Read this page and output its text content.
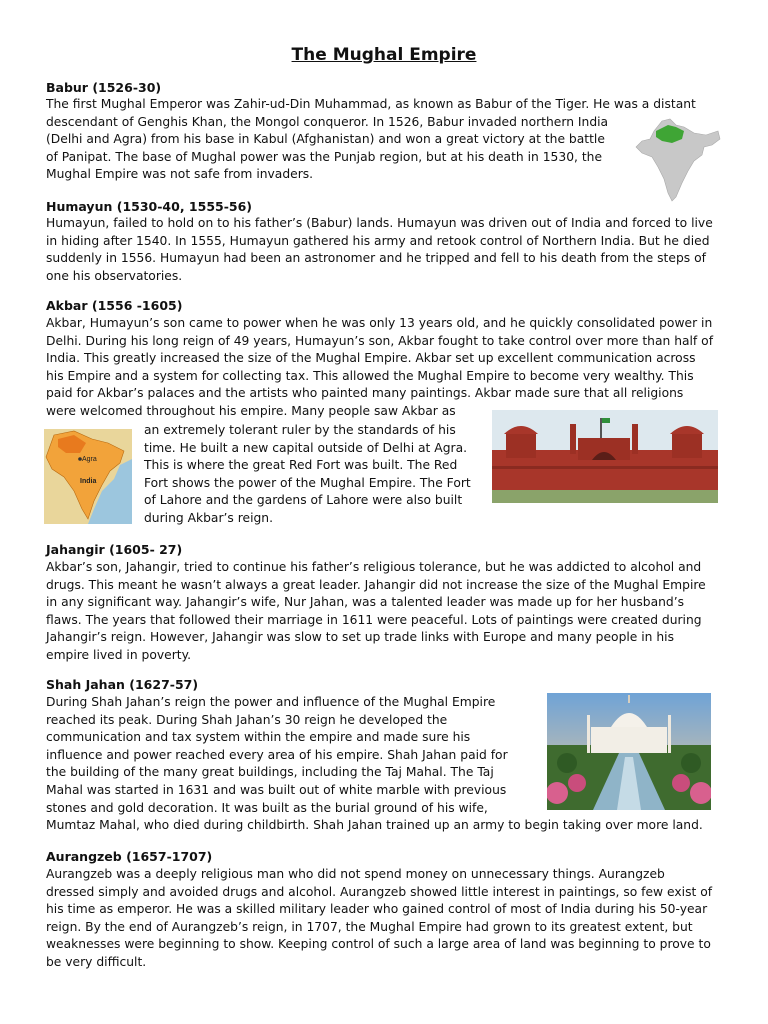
The Mughal Empire
Babur (1526-30)
The first Mughal Emperor was Zahir-ud-Din Muhammad, as known as Babur of the Tiger. He was a distant
descendant of Genghis Khan, the Mongol conqueror. In 1526, Babur invaded northern India
(Delhi and Agra) from his base in Kabul (Afghanistan) and won a great victory at the battle
of Panipat. The base of Mughal power was the Punjab region, but at his death in 1530, the
Mughal Empire was not safe from invaders.
Humayun (1530-40, 1555-56)
Humayun, failed to hold on to his father’s (Babur) lands. Humayun was driven out of India and forced to live
in hiding after 1540. In 1555, Humayun gathered his army and retook control of Northern India. But he died
suddenly in 1556. Humayun had been an astronomer and he tripped and fell to his death from the steps of
one his observatories.
Akbar (1556 -1605)
Akbar, Humayun’s son came to power when he was only 13 years old, and he quickly consolidated power in
Delhi. During his long reign of 49 years, Humayun’s son, Akbar fought to take control over more than half of
India. This greatly increased the size of the Mughal Empire. Akbar set up excellent communication across
his Empire and a system for collecting tax. This allowed the Mughal Empire to become very wealthy. This
paid for Akbar’s palaces and the artists who painted many paintings. Akbar made sure that all religions
were welcomed throughout his empire. Many people saw Akbar as
an extremely tolerant ruler by the standards of his
time. He built a new capital outside of Delhi at Agra.
This is where the great Red Fort was built. The Red
Fort shows the power of the Mughal Empire. The Fort
of Lahore and the gardens of Lahore were also built
during Akbar’s reign.
Agra
India
Jahangir (1605- 27)
Akbar’s son, Jahangir, tried to continue his father’s religious tolerance, but he was addicted to alcohol and
drugs. This meant he wasn’t always a great leader. Jahangir did not increase the size of the Mughal Empire
in any significant way. Jahangir’s wife, Nur Jahan, was a talented leader was made up for her husband’s
flaws. The years that followed their marriage in 1611 were peaceful. Lots of paintings were created during
Jahangir’s reign. However, Jahangir was slow to set up trade links with Europe and many people in his
empire lived in poverty.
Shah Jahan (1627-57)
During Shah Jahan’s reign the power and influence of the Mughal Empire
reached its peak. During Shah Jahan’s 30 reign he developed the
communication and tax system within the empire and made sure his
influence and power reached every area of his empire. Shah Jahan paid for
the building of the many great buildings, including the Taj Mahal. The Taj
Mahal was started in 1631 and was built out of white marble with previous
stones and gold decoration. It was built as the burial ground of his wife,
Mumtaz Mahal, who died during childbirth. Shah Jahan trained up an army to begin taking over more land.
Aurangzeb (1657-1707)
Aurangzeb was a deeply religious man who did not spend money on unnecessary things. Aurangzeb
dressed simply and avoided drugs and alcohol. Aurangzeb showed little interest in paintings, so few exist of
his time as emperor. He was a skilled military leader who gained control of most of India during his 50-year
reign. By the end of Aurangzeb’s reign, in 1707, the Mughal Empire had grown to its greatest extent, but
weaknesses were beginning to show. Keeping control of such a large area of land was beginning to prove to
be very difficult.
